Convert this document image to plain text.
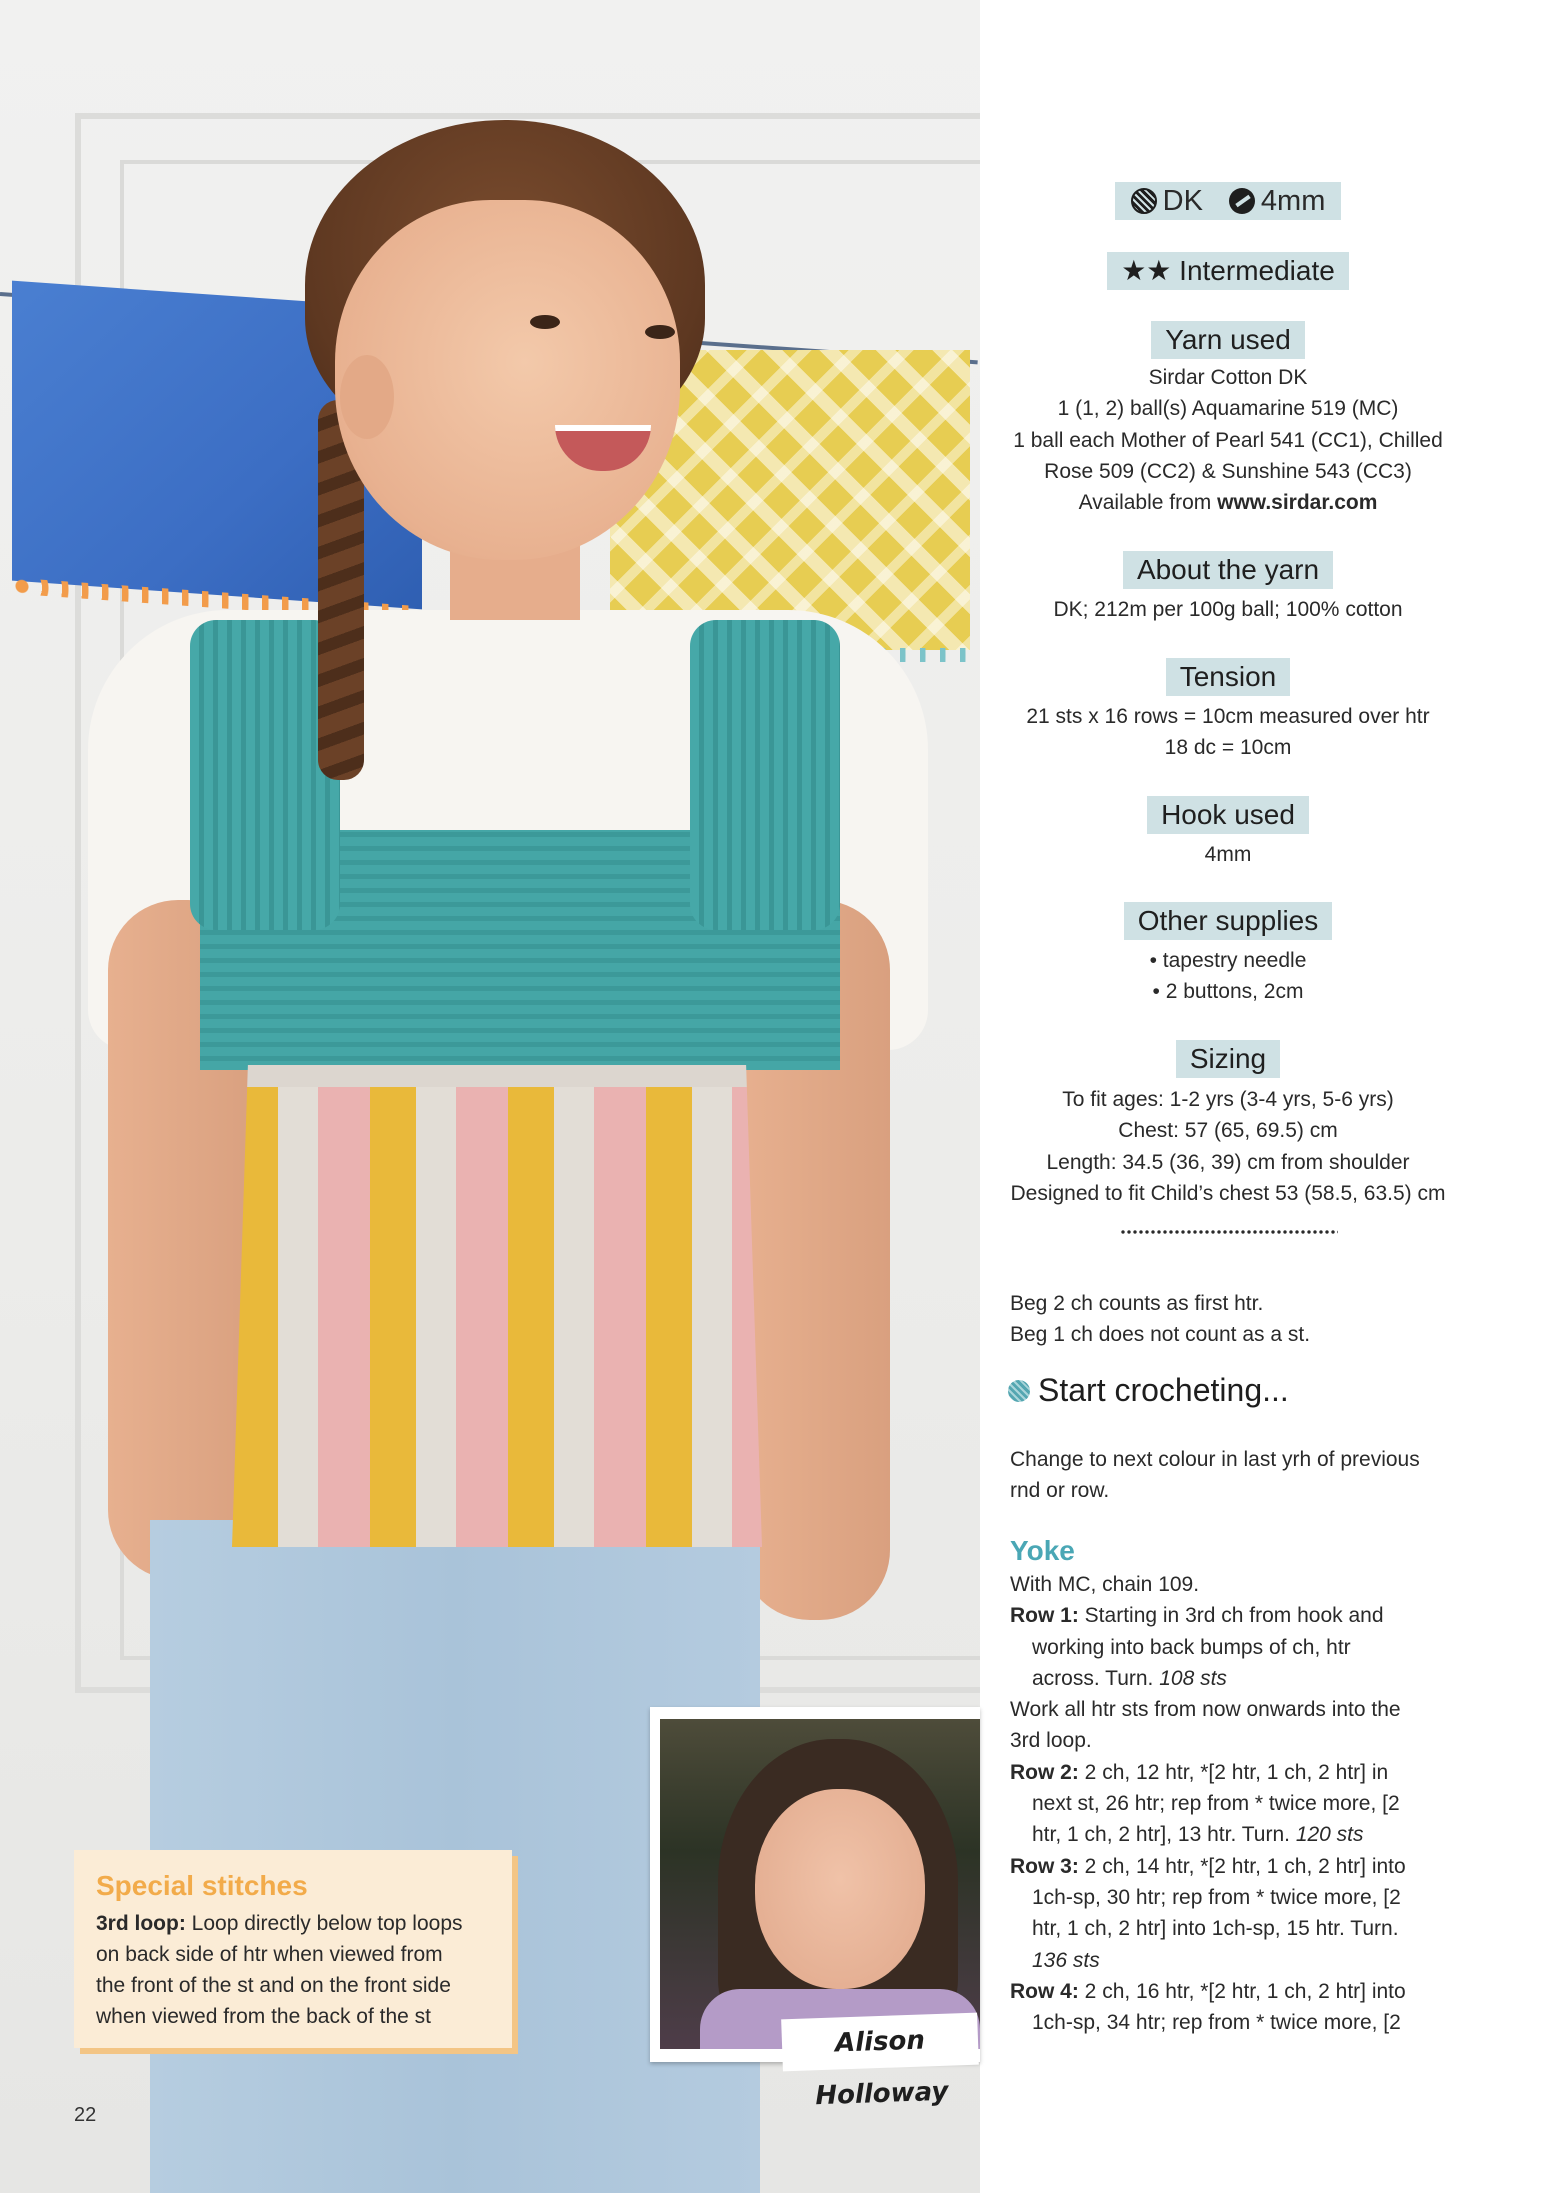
Special stitches
3rd loop: Loop directly below top loops
on back side of htr when viewed from
the front of the st and on the front side
when viewed from the back of the st
Alison Holloway
22
DK 4mm
★★ Intermediate
Yarn used
Sirdar Cotton DK
1 (1, 2) ball(s) Aquamarine 519 (MC)
1 ball each Mother of Pearl 541 (CC1), Chilled
Rose 509 (CC2) & Sunshine 543 (CC3)
Available from www.sirdar.com
About the yarn
DK; 212m per 100g ball; 100% cotton
Tension
21 sts x 16 rows = 10cm measured over htr
18 dc = 10cm
Hook used
4mm
Other supplies
• tapestry needle
• 2 buttons, 2cm
Sizing
To fit ages: 1-2 yrs (3-4 yrs, 5-6 yrs)
Chest: 57 (65, 69.5) cm
Length: 34.5 (36, 39) cm from shoulder
Designed to fit Child’s chest 53 (58.5, 63.5) cm
Beg 2 ch counts as first htr.
Beg 1 ch does not count as a st.
Start crocheting...
Change to next colour in last yrh of previous
rnd or row.
Yoke

With MC, chain 109.

Row 1: Starting in 3rd ch from hook and

working into back bumps of ch, htr

across. Turn. 108 sts

Work all htr sts from now onwards into the

3rd loop.

Row 2: 2 ch, 12 htr, *[2 htr, 1 ch, 2 htr] in

next st, 26 htr; rep from * twice more, [2

htr, 1 ch, 2 htr], 13 htr. Turn. 120 sts

Row 3: 2 ch, 14 htr, *[2 htr, 1 ch, 2 htr] into

1ch-sp, 30 htr; rep from * twice more, [2

htr, 1 ch, 2 htr] into 1ch-sp, 15 htr. Turn.

136 sts

Row 4: 2 ch, 16 htr, *[2 htr, 1 ch, 2 htr] into

1ch-sp, 34 htr; rep from * twice more, [2
